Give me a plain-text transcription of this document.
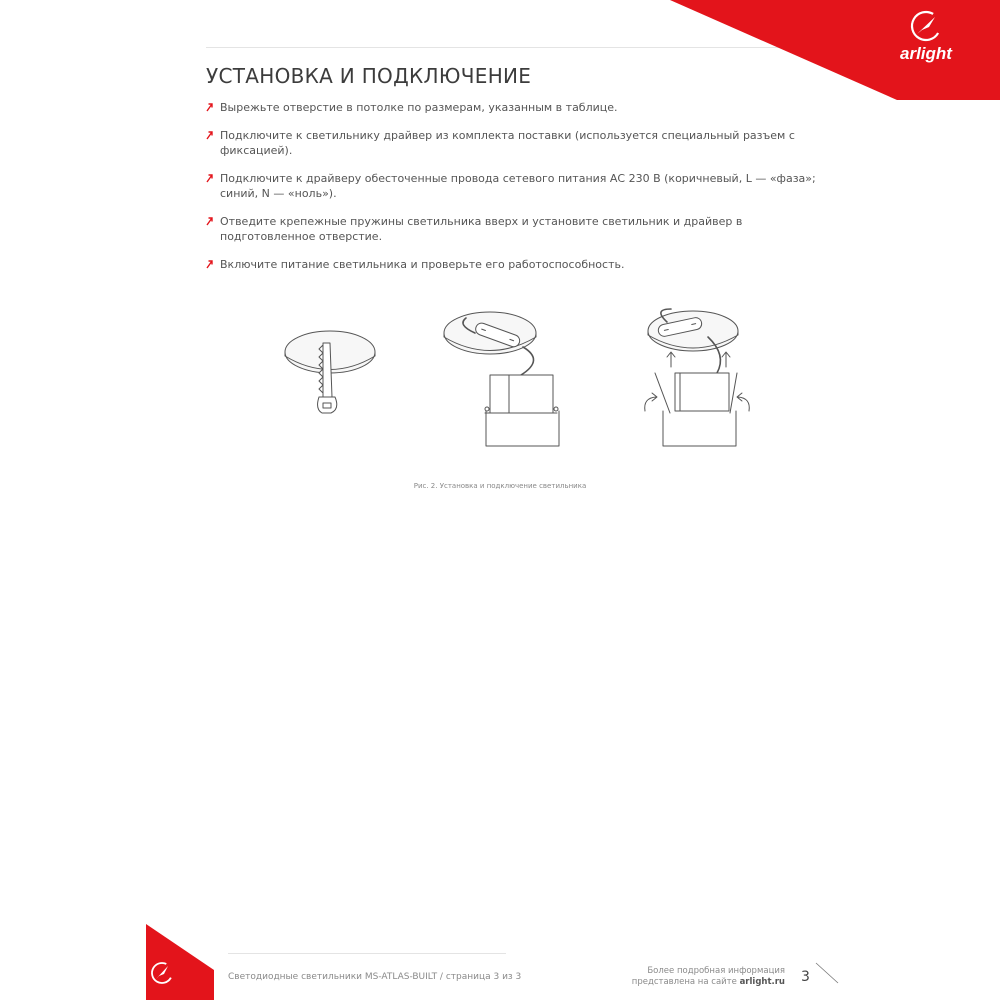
arlight
УСТАНОВКА И ПОДКЛЮЧЕНИЕ
Вырежьте отверстие в потолке по размерам, указанным в таблице.
Подключите к светильнику драйвер из комплекта поставки (используется специальный разъем с фиксацией).
Подключите к драйверу обесточенные провода сетевого питания АС 230 В (коричневый, L — «фаза»; синий, N — «ноль»).
Отведите крепежные пружины светильника вверх и установите светильник и драйвер в подготовленное отверстие.
Включите питание светильника и проверьте его работоспособность.
Рис. 2. Установка и подключение светильника
Светодиодные светильники MS-ATLAS-BUILT / страница 3 из 3
Более подробная информация
представлена на сайте arlight.ru 3
